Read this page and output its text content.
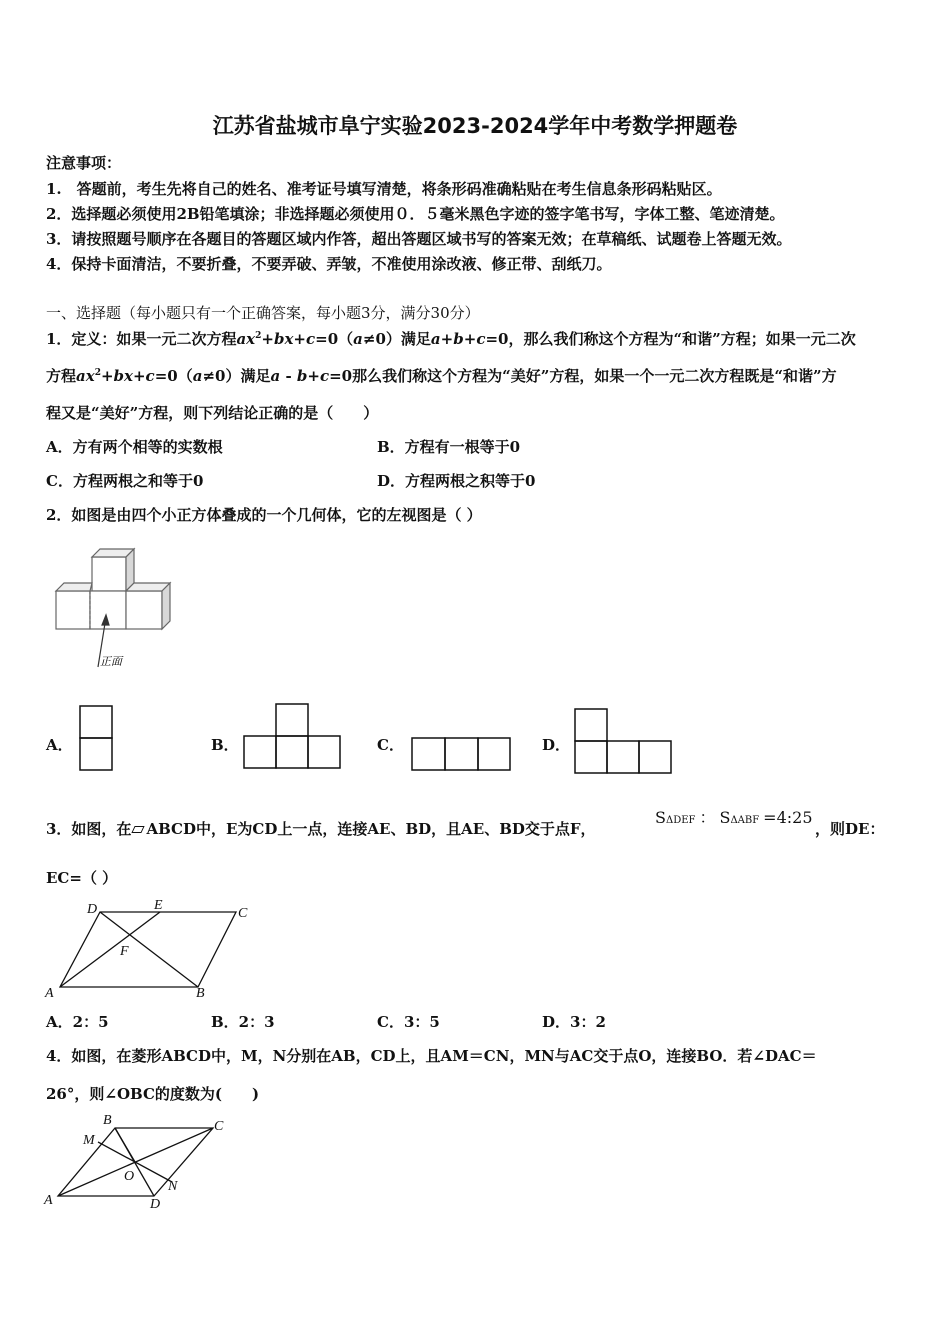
江苏省盐城市阜宁实验2023-2024学年中考数学押题卷
注意事项：
1.　答题前，考生先将自己的姓名、准考证号填写清楚，将条形码准确粘贴在考生信息条形码粘贴区。
2．选择题必须使用2B铅笔填涂；非选择题必须使用０．５毫米黑色字迹的签字笔书写，字体工整、笔迹清楚。
3．请按照题号顺序在各题目的答题区域内作答，超出答题区域书写的答案无效；在草稿纸、试题卷上答题无效。
4．保持卡面清洁，不要折叠，不要弄破、弄皱，不准使用涂改液、修正带、刮纸刀。
一、选择题（每小题只有一个正确答案，每小题3分，满分30分）
1．定义：如果一元二次方程$ax^2+bx+c=0(a\ne 0)$满足a+b+c=0，那么我们称这个方程为“和谐”方程；如果一元二次
方程$ax^2+bx+c=0(a\ne 0)$满足a - b+c=0那么我们称这个方程为“美好”方程，如果一个一元二次方程既是“和谐”方
程又是“美好”方程，则下列结论正确的是（　　）
A．方有两个相等的实数根	B．方程有一根等于0
C．方程两根之和等于0	D．方程两根之积等于0
2．如图是由四个小正方体叠成的一个几何体，它的左视图是（ ）
正面
A．	B．	C．	D．
3．如图，在 ABCD中，E为CD上一点，连接AE、BD，且AE、BD交于点F，
SΔDEF ： SΔABF =4:25
，则DE：
EC=（ ）
D	E
C
F
A	B
A．2：5	B．2：3	C．3：5	D．3：2
4．如图，在菱形ABCD中，M，N分别在AB，CD上，且AM＝CN，MN与AC交于点O，连接BO．若∠DAC＝
26°，则∠OBC的度数为(　　)
B	C
M
O
N
A	D
